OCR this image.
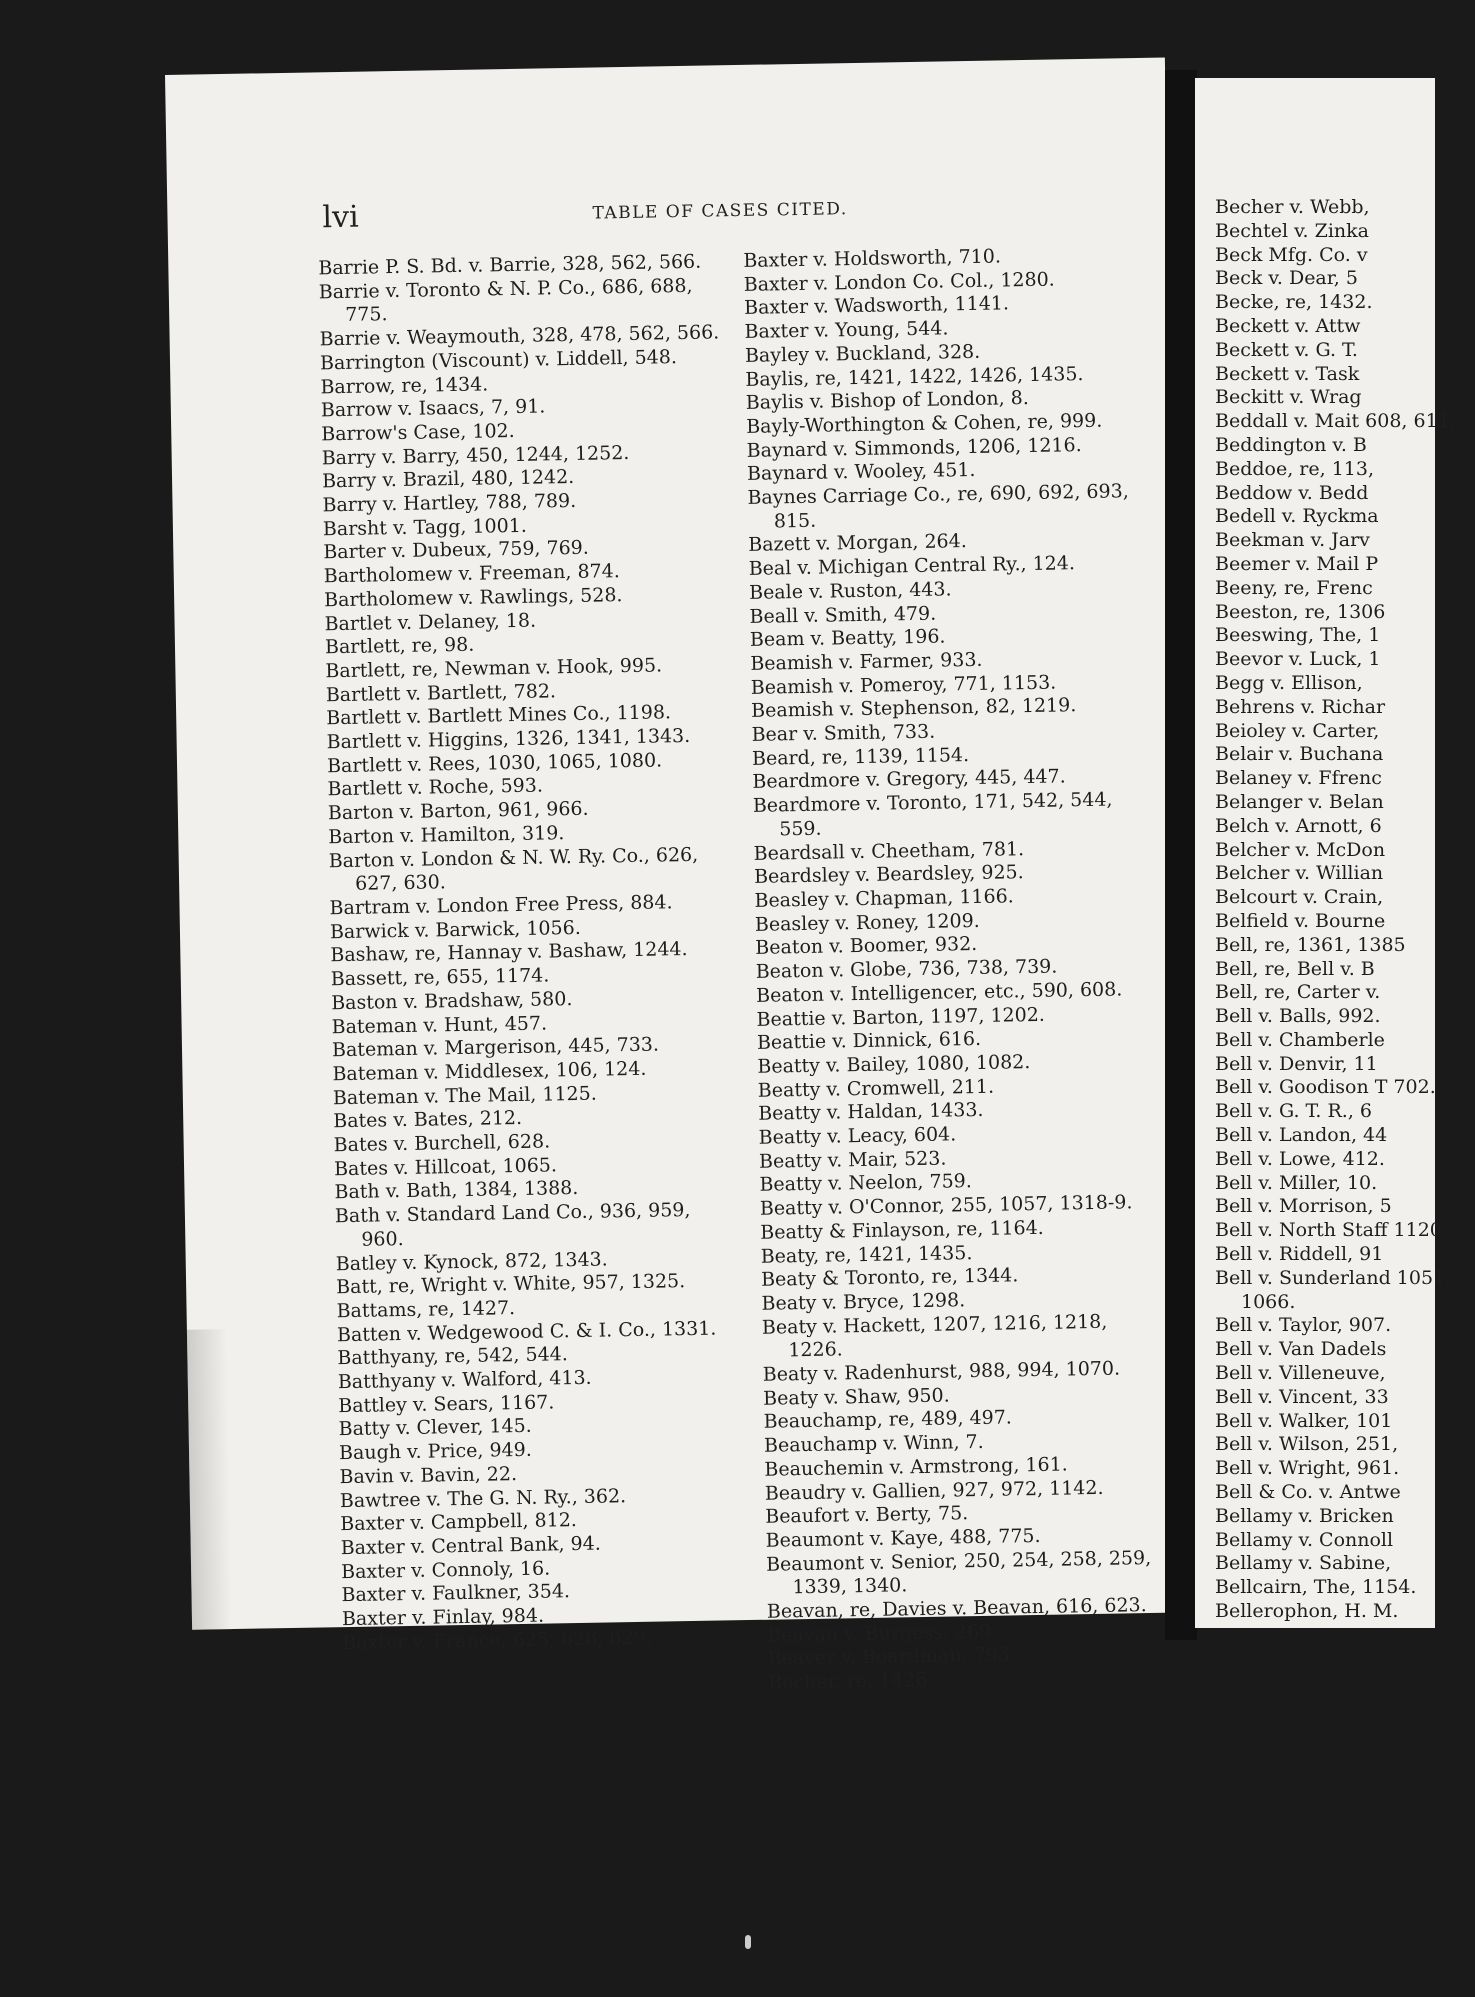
lvi	TABLE OF CASES CITED.

Barrie P. S. Bd. v. Barrie, 328, 562, 566.

Barrie v. Toronto & N. P. Co., 686, 688, 775.

Barrie v. Weaymouth, 328, 478, 562, 566.

Barrington (Viscount) v. Liddell, 548.

Barrow, re, 1434.

Barrow v. Isaacs, 7, 91.

Barrow's Case, 102.

Barry v. Barry, 450, 1244, 1252.

Barry v. Brazil, 480, 1242.

Barry v. Hartley, 788, 789.

Barsht v. Tagg, 1001.

Barter v. Dubeux, 759, 769.

Bartholomew v. Freeman, 874.

Bartholomew v. Rawlings, 528.

Bartlet v. Delaney, 18.

Bartlett, re, 98.

Bartlett, re, Newman v. Hook, 995.

Bartlett v. Bartlett, 782.

Bartlett v. Bartlett Mines Co., 1198.

Bartlett v. Higgins, 1326, 1341, 1343.

Bartlett v. Rees, 1030, 1065, 1080.

Bartlett v. Roche, 593.

Barton v. Barton, 961, 966.

Barton v. Hamilton, 319.

Barton v. London & N. W. Ry. Co., 626, 627, 630.

Bartram v. London Free Press, 884.

Barwick v. Barwick, 1056.

Bashaw, re, Hannay v. Bashaw, 1244.

Bassett, re, 655, 1174.

Baston v. Bradshaw, 580.

Bateman v. Hunt, 457.

Bateman v. Margerison, 445, 733.

Bateman v. Middlesex, 106, 124.

Bateman v. The Mail, 1125.

Bates v. Bates, 212.

Bates v. Burchell, 628.

Bates v. Hillcoat, 1065.

Bath v. Bath, 1384, 1388.

Bath v. Standard Land Co., 936, 959, 960.

Batley v. Kynock, 872, 1343.

Batt, re, Wright v. White, 957, 1325.

Battams, re, 1427.

Batten v. Wedgewood C. & I. Co., 1331.

Batthyany, re, 542, 544.

Batthyany v. Walford, 413.

Battley v. Sears, 1167.

Batty v. Clever, 145.

Baugh v. Price, 949.

Bavin v. Bavin, 22.

Bawtree v. The G. N. Ry., 362.

Baxter v. Campbell, 812.

Baxter v. Central Bank, 94.

Baxter v. Connoly, 16.

Baxter v. Faulkner, 354.

Baxter v. Finlay, 984.

Baxter v. France, 625, 626, 629.

Baxter v. Holdsworth, 710.

Baxter v. London Co. Col., 1280.

Baxter v. Wadsworth, 1141.

Baxter v. Young, 544.

Bayley v. Buckland, 328.

Baylis, re, 1421, 1422, 1426, 1435.

Baylis v. Bishop of London, 8.

Bayly-Worthington & Cohen, re, 999.

Baynard v. Simmonds, 1206, 1216.

Baynard v. Wooley, 451.

Baynes Carriage Co., re, 690, 692, 693, 815.

Bazett v. Morgan, 264.

Beal v. Michigan Central Ry., 124.

Beale v. Ruston, 443.

Beall v. Smith, 479.

Beam v. Beatty, 196.

Beamish v. Farmer, 933.

Beamish v. Pomeroy, 771, 1153.

Beamish v. Stephenson, 82, 1219.

Bear v. Smith, 733.

Beard, re, 1139, 1154.

Beardmore v. Gregory, 445, 447.

Beardmore v. Toronto, 171, 542, 544, 559.

Beardsall v. Cheetham, 781.

Beardsley v. Beardsley, 925.

Beasley v. Chapman, 1166.

Beasley v. Roney, 1209.

Beaton v. Boomer, 932.

Beaton v. Globe, 736, 738, 739.

Beaton v. Intelligencer, etc., 590, 608.

Beattie v. Barton, 1197, 1202.

Beattie v. Dinnick, 616.

Beatty v. Bailey, 1080, 1082.

Beatty v. Cromwell, 211.

Beatty v. Haldan, 1433.

Beatty v. Leacy, 604.

Beatty v. Mair, 523.

Beatty v. Neelon, 759.

Beatty v. O'Connor, 255, 1057, 1318-9.

Beatty & Finlayson, re, 1164.

Beaty, re, 1421, 1435.

Beaty & Toronto, re, 1344.

Beaty v. Bryce, 1298.

Beaty v. Hackett, 1207, 1216, 1218, 1226.

Beaty v. Radenhurst, 988, 994, 1070.

Beaty v. Shaw, 950.

Beauchamp, re, 489, 497.

Beauchamp v. Winn, 7.

Beauchemin v. Armstrong, 161.

Beaudry v. Gallien, 927, 972, 1142.

Beaufort v. Berty, 75.

Beaumont v. Kaye, 488, 775.

Beaumont v. Senior, 250, 254, 258, 259, 1339, 1340.

Beavan, re, Davies v. Beavan, 616, 623.

Beavan v. Burgess, 269.

Beaver v. Boardman, 793.

Becher, re, 1426.

Becher v. Webb,

Bechtel v. Zinka

Beck Mfg. Co. v

Beck v. Dear, 5

Becke, re, 1432.

Beckett v. Attw

Beckett v. G. T.

Beckett v. Task

Beckitt v. Wrag

Beddall v. Mait 608, 611.

Beddington v. B

Beddoe, re, 113,

Beddow v. Bedd

Bedell v. Ryckma

Beekman v. Jarv

Beemer v. Mail P

Beeny, re, Frenc

Beeston, re, 1306

Beeswing, The, 1

Beevor v. Luck, 1

Begg v. Ellison,

Behrens v. Richar

Beioley v. Carter,

Belair v. Buchana

Belaney v. Ffrenc

Belanger v. Belan

Belch v. Arnott, 6

Belcher v. McDon

Belcher v. Willian

Belcourt v. Crain,

Belfield v. Bourne

Bell, re, 1361, 1385

Bell, re, Bell v. B

Bell, re, Carter v.

Bell v. Balls, 992.

Bell v. Chamberle

Bell v. Denvir, 11

Bell v. Goodison T 702.

Bell v. G. T. R., 6

Bell v. Landon, 44

Bell v. Lowe, 412.

Bell v. Miller, 10.

Bell v. Morrison, 5

Bell v. North Staff 1120.

Bell v. Riddell, 91

Bell v. Sunderland 1051, 1066.

Bell v. Taylor, 907.

Bell v. Van Dadels

Bell v. Villeneuve,

Bell v. Vincent, 33

Bell v. Walker, 101

Bell v. Wilson, 251,

Bell v. Wright, 961.

Bell & Co. v. Antwe

Bellamy v. Bricken

Bellamy v. Connoll

Bellamy v. Sabine,

Bellcairn, The, 1154.

Bellerophon, H. M.
